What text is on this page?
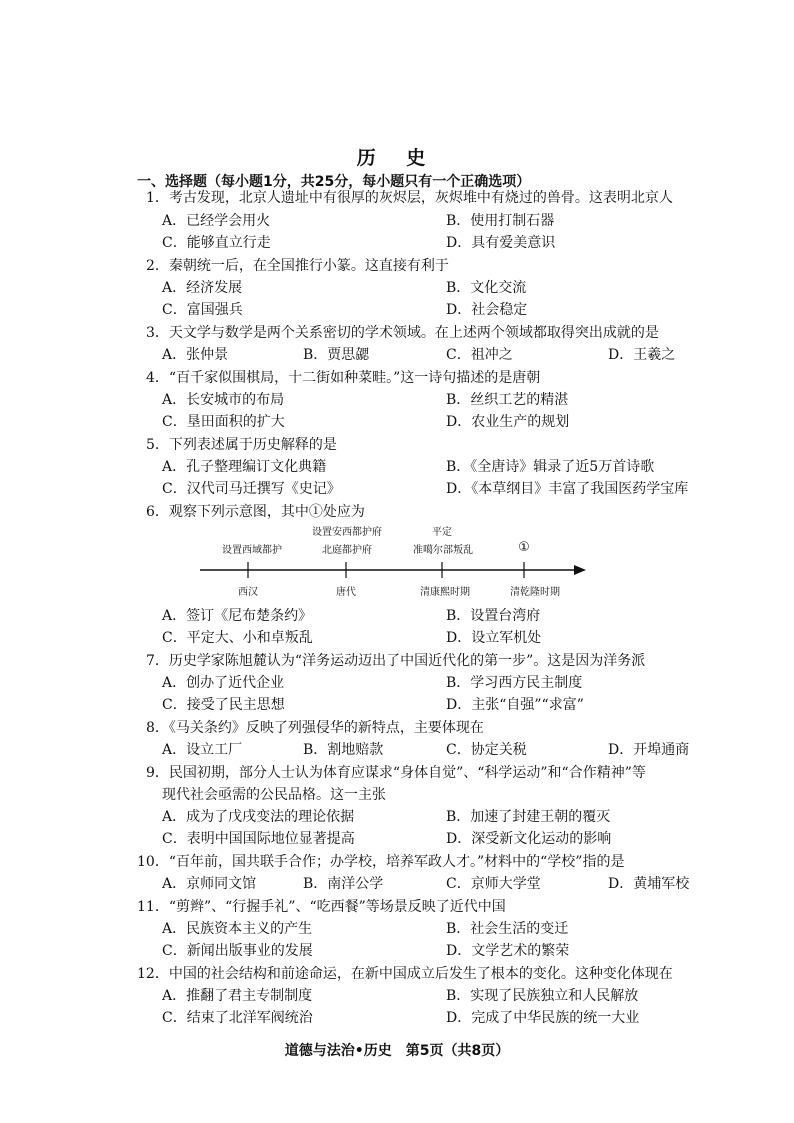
历 史
一、选择题（每小题1分，共25分，每小题只有一个正确选项）
1．考古发现，北京人遗址中有很厚的灰烬层，灰烬堆中有烧过的兽骨。这表明北京人
A．已经学会用火	B．使用打制石器
C．能够直立行走	D．具有爱美意识
2．秦朝统一后，在全国推行小篆。这直接有利于
A．经济发展	B．文化交流
C．富国强兵	D．社会稳定
3．天文学与数学是两个关系密切的学术领域。在上述两个领域都取得突出成就的是
A．张仲景	B．贾思勰	C．祖冲之	D．王羲之
4．“百千家似围棋局，十二街如种菜畦。”这一诗句描述的是唐朝
A．长安城市的布局	B．丝织工艺的精湛
C．垦田面积的扩大	D．农业生产的规划
5．下列表述属于历史解释的是
A．孔子整理编订文化典籍	B．《全唐诗》辑录了近5万首诗歌
C．汉代司马迁撰写《史记》	D．《本草纲目》丰富了我国医药学宝库
6．观察下列示意图，其中①处应为
设置西域都护
设置安西都护府
北庭都护府
平定
准噶尔部叛乱	①
西汉	唐代	清康熙时期	清乾隆时期
A．签订《尼布楚条约》	B．设置台湾府
C．平定大、小和卓叛乱	D．设立军机处
7．历史学家陈旭麓认为“洋务运动迈出了中国近代化的第一步”。这是因为洋务派
A．创办了近代企业	B．学习西方民主制度
C．接受了民主思想	D．主张“自强”“求富”
8．《马关条约》反映了列强侵华的新特点，主要体现在
A．设立工厂	B．割地赔款	C．协定关税	D．开埠通商
9．民国初期，部分人士认为体育应谋求“身体自觉”、“科学运动”和“合作精神”等
现代社会亟需的公民品格。这一主张
A．成为了戊戌变法的理论依据	B．加速了封建王朝的覆灭
C．表明中国国际地位显著提高	D．深受新文化运动的影响
10．“百年前，国共联手合作；办学校，培养军政人才。”材料中的“学校”指的是
A．京师同文馆	B．南洋公学	C．京师大学堂	D．黄埔军校
11．“剪辫”、“行握手礼”、“吃西餐”等场景反映了近代中国
A．民族资本主义的产生	B．社会生活的变迁
C．新闻出版事业的发展	D．文学艺术的繁荣
12．中国的社会结构和前途命运，在新中国成立后发生了根本的变化。这种变化体现在
A．推翻了君主专制制度	B．实现了民族独立和人民解放
C．结束了北洋军阀统治	D．完成了中华民族的统一大业
道德与法治•历史　第5页（共8页）
